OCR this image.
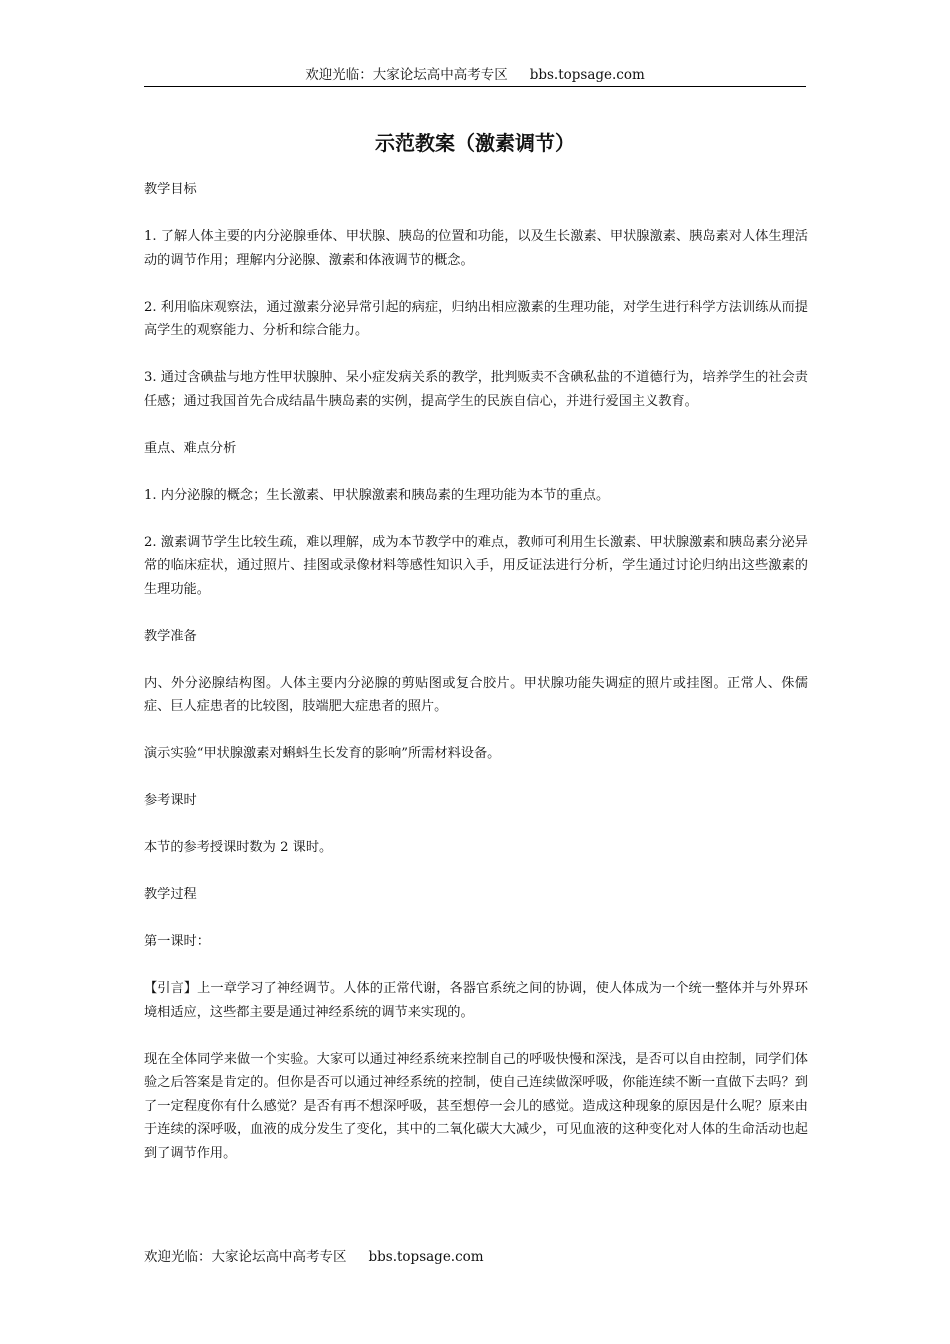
欢迎光临：大家论坛高中高考专区 bbs.topsage.com
示范教案（激素调节）

教学目标

1. 了解人体主要的内分泌腺垂体、甲状腺、胰岛的位置和功能，以及生长激素、甲状腺激素、胰岛素对人体生理活动的调节作用；理解内分泌腺、激素和体液调节的概念。

2. 利用临床观察法，通过激素分泌异常引起的病症，归纳出相应激素的生理功能，对学生进行科学方法训练从而提高学生的观察能力、分析和综合能力。

3. 通过含碘盐与地方性甲状腺肿、呆小症发病关系的教学，批判贩卖不含碘私盐的不道德行为，培养学生的社会责任感；通过我国首先合成结晶牛胰岛素的实例，提高学生的民族自信心，并进行爱国主义教育。

重点、难点分析

1. 内分泌腺的概念；生长激素、甲状腺激素和胰岛素的生理功能为本节的重点。

2. 激素调节学生比较生疏，难以理解，成为本节教学中的难点，教师可利用生长激素、甲状腺激素和胰岛素分泌异常的临床症状，通过照片、挂图或录像材料等感性知识入手，用反证法进行分析，学生通过讨论归纳出这些激素的生理功能。

教学准备

内、外分泌腺结构图。人体主要内分泌腺的剪贴图或复合胶片。甲状腺功能失调症的照片或挂图。正常人、侏儒症、巨人症患者的比较图，肢端肥大症患者的照片。

演示实验“甲状腺激素对蝌蚪生长发育的影响”所需材料设备。

参考课时

本节的参考授课时数为 2 课时。

教学过程

第一课时：

【引言】上一章学习了神经调节。人体的正常代谢，各器官系统之间的协调，使人体成为一个统一整体并与外界环境相适应，这些都主要是通过神经系统的调节来实现的。

现在全体同学来做一个实验。大家可以通过神经系统来控制自己的呼吸快慢和深浅，是否可以自由控制，同学们体验之后答案是肯定的。但你是否可以通过神经系统的控制，使自己连续做深呼吸，你能连续不断一直做下去吗？到了一定程度你有什么感觉？是否有再不想深呼吸，甚至想停一会儿的感觉。造成这种现象的原因是什么呢？原来由于连续的深呼吸，血液的成分发生了变化，其中的二氧化碳大大减少，可见血液的这种变化对人体的生命活动也起到了调节作用。

欢迎光临：大家论坛高中高考专区 bbs.topsage.com
